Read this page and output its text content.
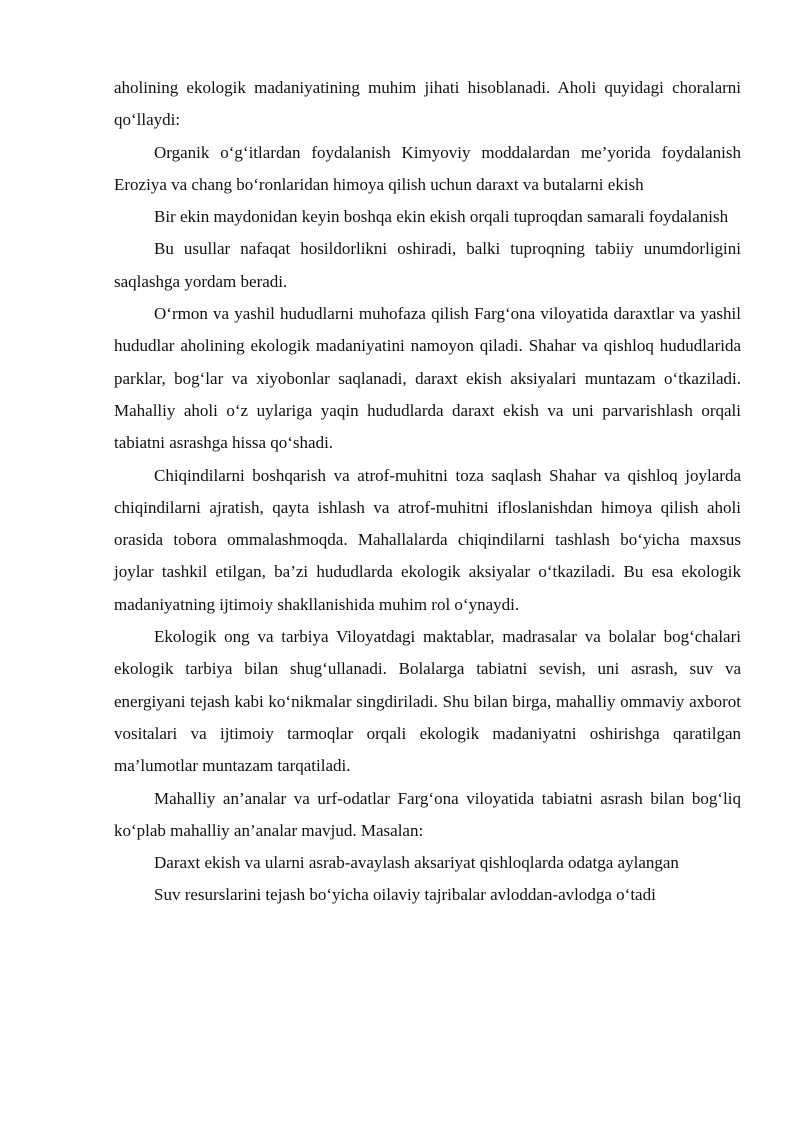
aholining ekologik madaniyatining muhim jihati hisoblanadi. Aholi quyidagi choralarni qo‘llaydi:

Organik o‘g‘itlardan foydalanish Kimyoviy moddalardan me’yorida foydalanish Eroziya va chang bo‘ronlaridan himoya qilish uchun daraxt va butalarni ekish

Bir ekin maydonidan keyin boshqa ekin ekish orqali tuproqdan samarali foydalanish

Bu usullar nafaqat hosildorlikni oshiradi, balki tuproqning tabiiy unumdorligini saqlashga yordam beradi.

O‘rmon va yashil hududlarni muhofaza qilish Farg‘ona viloyatida daraxtlar va yashil hududlar aholining ekologik madaniyatini namoyon qiladi. Shahar va qishloq hududlarida parklar, bog‘lar va xiyobonlar saqlanadi, daraxt ekish aksiyalari muntazam o‘tkaziladi. Mahalliy aholi o‘z uylariga yaqin hududlarda daraxt ekish va uni parvarishlash orqali tabiatni asrashga hissa qo‘shadi.

Chiqindilarni boshqarish va atrof-muhitni toza saqlash Shahar va qishloq joylarda chiqindilarni ajratish, qayta ishlash va atrof-muhitni ifloslanishdan himoya qilish aholi orasida tobora ommalashmoqda. Mahallalarda chiqindilarni tashlash bo‘yicha maxsus joylar tashkil etilgan, ba’zi hududlarda ekologik aksiyalar o‘tkaziladi. Bu esa ekologik madaniyatning ijtimoiy shakllanishida muhim rol o‘ynaydi.

Ekologik ong va tarbiya Viloyatdagi maktablar, madrasalar va bolalar bog‘chalari ekologik tarbiya bilan shug‘ullanadi. Bolalarga tabiatni sevish, uni asrash, suv va energiyani tejash kabi ko‘nikmalar singdiriladi. Shu bilan birga, mahalliy ommaviy axborot vositalari va ijtimoiy tarmoqlar orqali ekologik madaniyatni oshirishga qaratilgan ma’lumotlar muntazam tarqatiladi.

Mahalliy an’analar va urf-odatlar Farg‘ona viloyatida tabiatni asrash bilan bog‘liq ko‘plab mahalliy an’analar mavjud. Masalan:

Daraxt ekish va ularni asrab-avaylash aksariyat qishloqlarda odatga aylangan

Suv resurslarini tejash bo‘yicha oilaviy tajribalar avloddan-avlodga o‘tadi
